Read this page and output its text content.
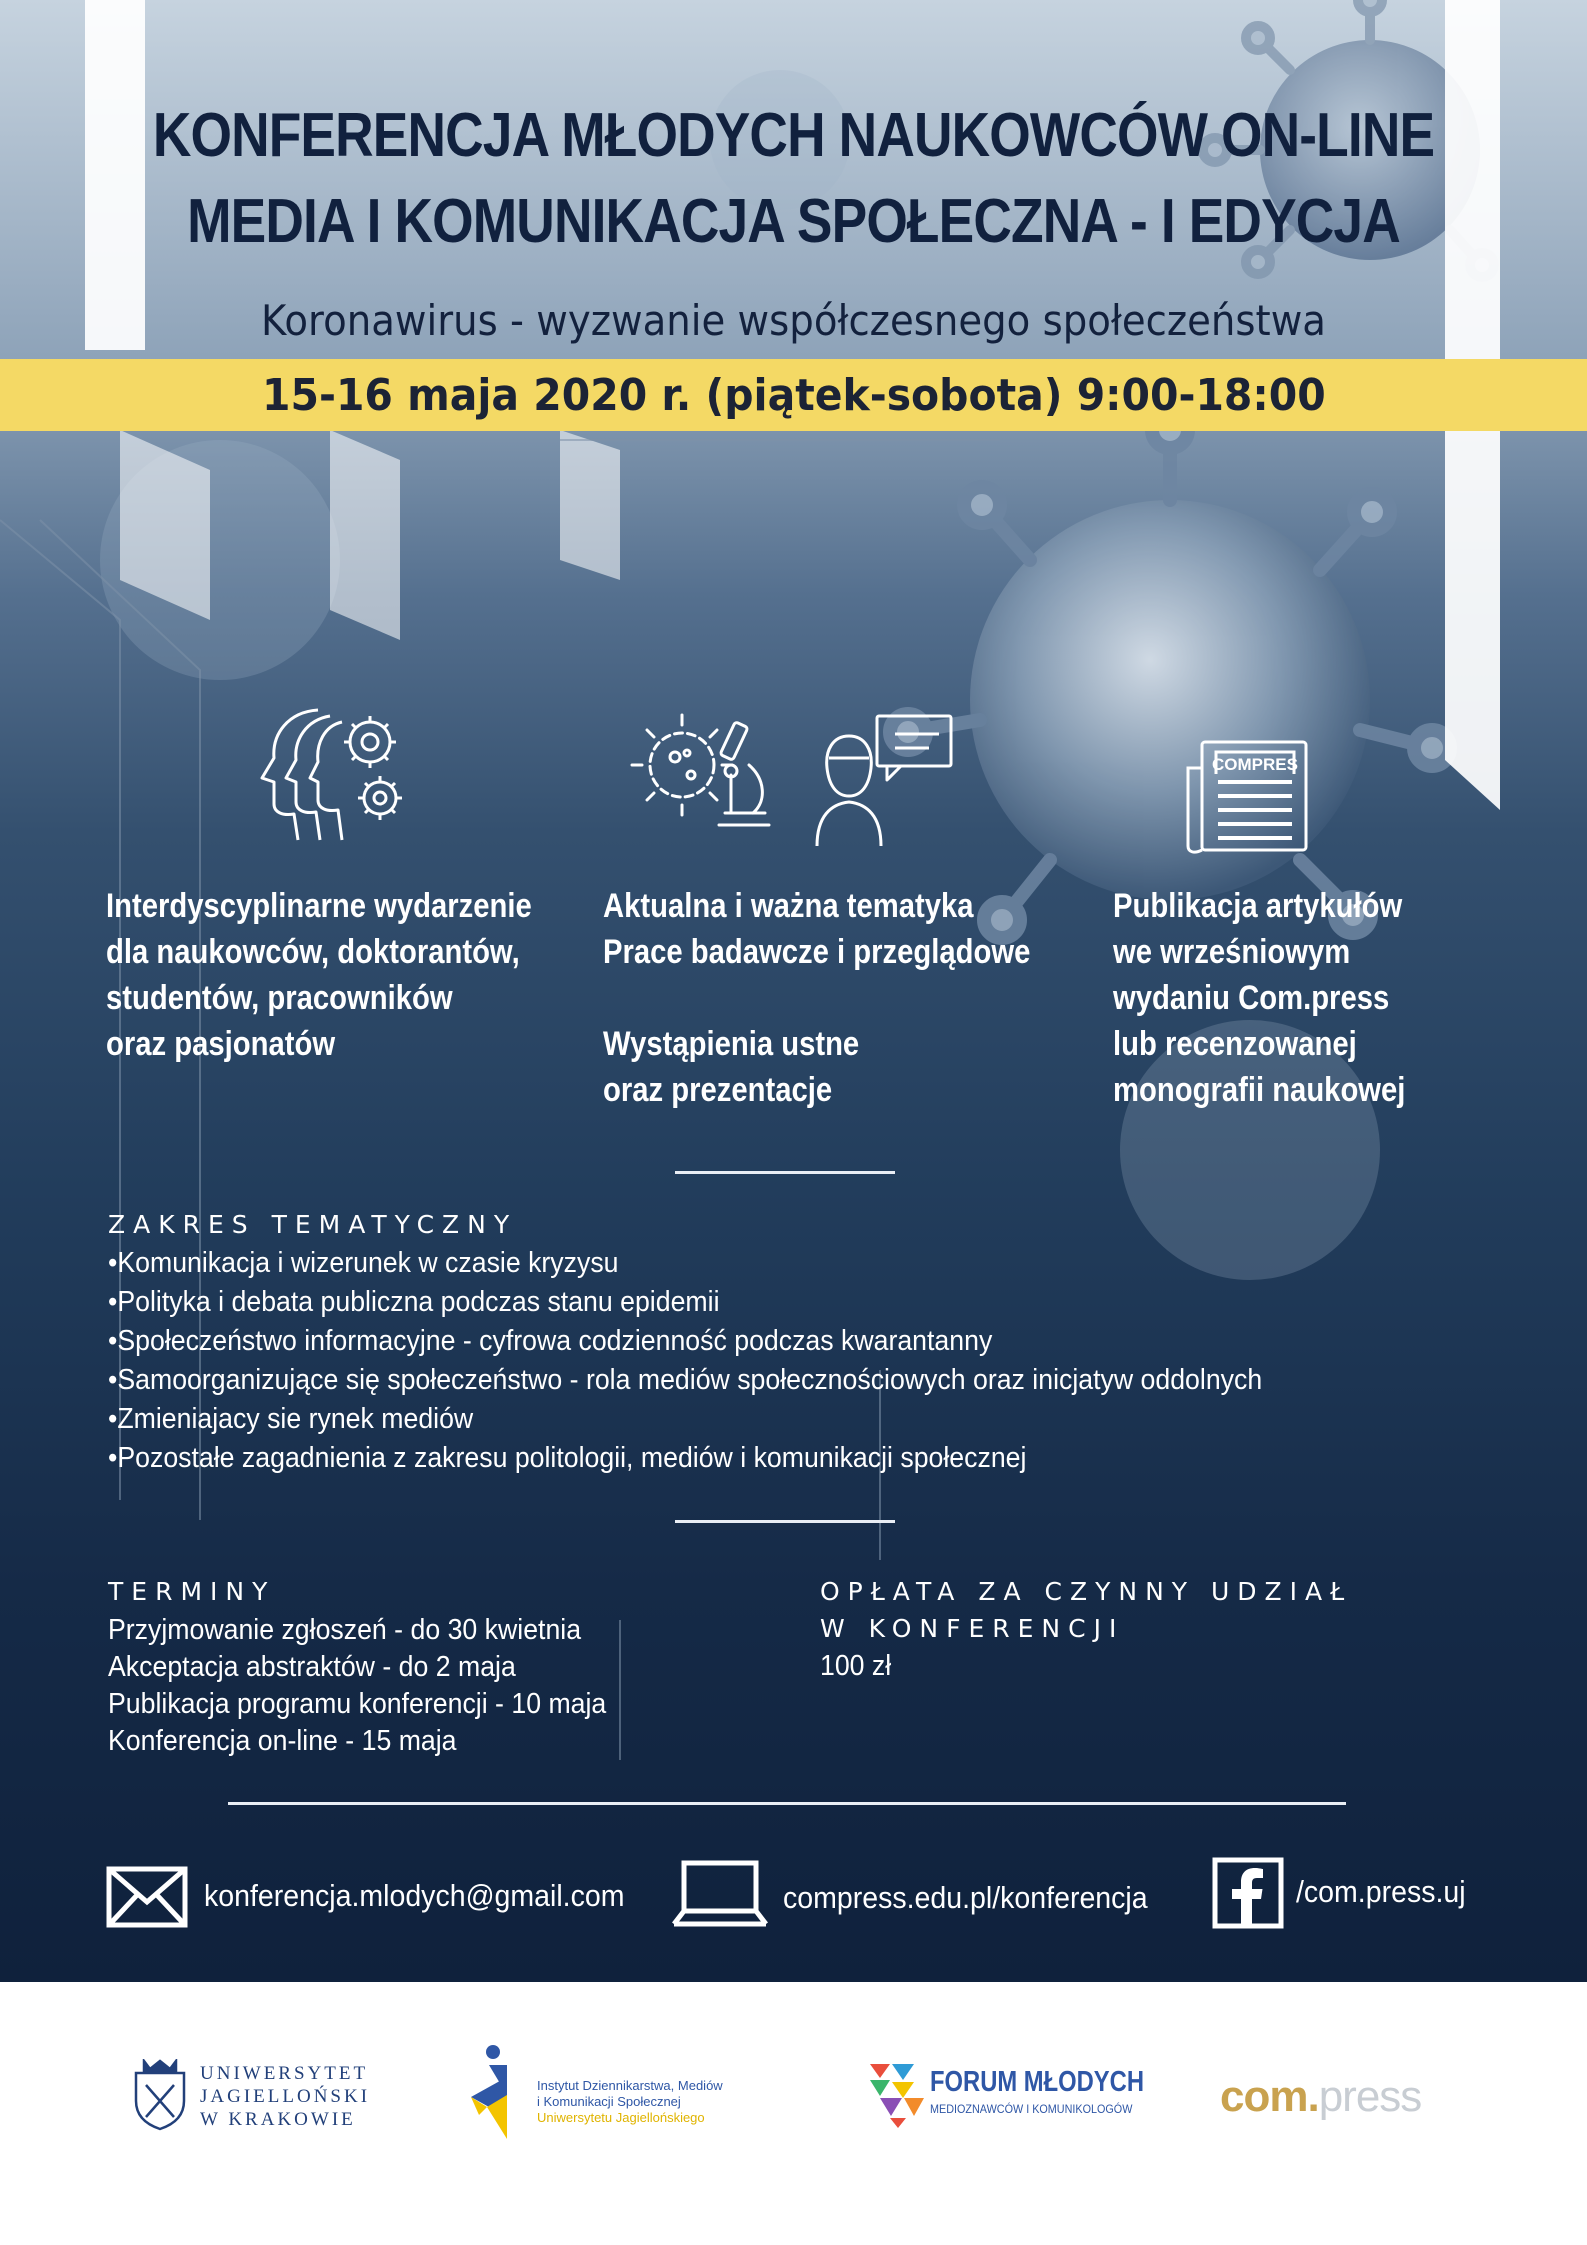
KONFERENCJA MŁODYCH NAUKOWCÓW ON-LINE
MEDIA I KOMUNIKACJA SPOŁECZNA - I EDYCJA
Koronawirus - wyzwanie współczesnego społeczeństwa
15-16 maja 2020 r. (piątek-sobota) 9:00-18:00
COMPRES
Interdyscyplinarne wydarzenie
dla naukowców, doktorantów,
studentów, pracowników
oraz pasjonatów
Aktualna i ważna tematyka
Prace badawcze i przeglądowe

Wystąpienia ustne
oraz prezentacje
Publikacja artykułów
we wrześniowym
wydaniu Com.press
lub recenzowanej
monografii naukowej
ZAKRES TEMATYCZNY
• Komunikacja i wizerunek w czasie kryzysu
• Polityka i debata publiczna podczas stanu epidemii
• Społeczeństwo informacyjne - cyfrowa codzienność podczas kwarantanny
• Samoorganizujące się społeczeństwo - rola mediów społecznościowych oraz inicjatyw oddolnych
• Zmieniajacy sie rynek mediów
• Pozostałe zagadnienia z zakresu politologii, mediów i komunikacji społecznej
TERMINY
Przyjmowanie zgłoszeń - do 30 kwietnia
Akceptacja abstraktów - do 2 maja
Publikacja programu konferencji - 10 maja
Konferencja on-line - 15 maja
OPŁATA ZA CZYNNY UDZIAŁ
W KONFERENCJI
100 zł
konferencja.mlodych@gmail.com	compress.edu.pl/konferencja	/com.press.uj
UNIWERSYTET
JAGIELLOŃSKI
W KRAKOWIE
Instytut Dziennikarstwa, Mediów
i Komunikacji Społecznej
Uniwersytetu Jagiellońskiego
FORUM MŁODYCH
MEDIOZNAWCÓW I KOMUNIKOLOGÓW com.press
